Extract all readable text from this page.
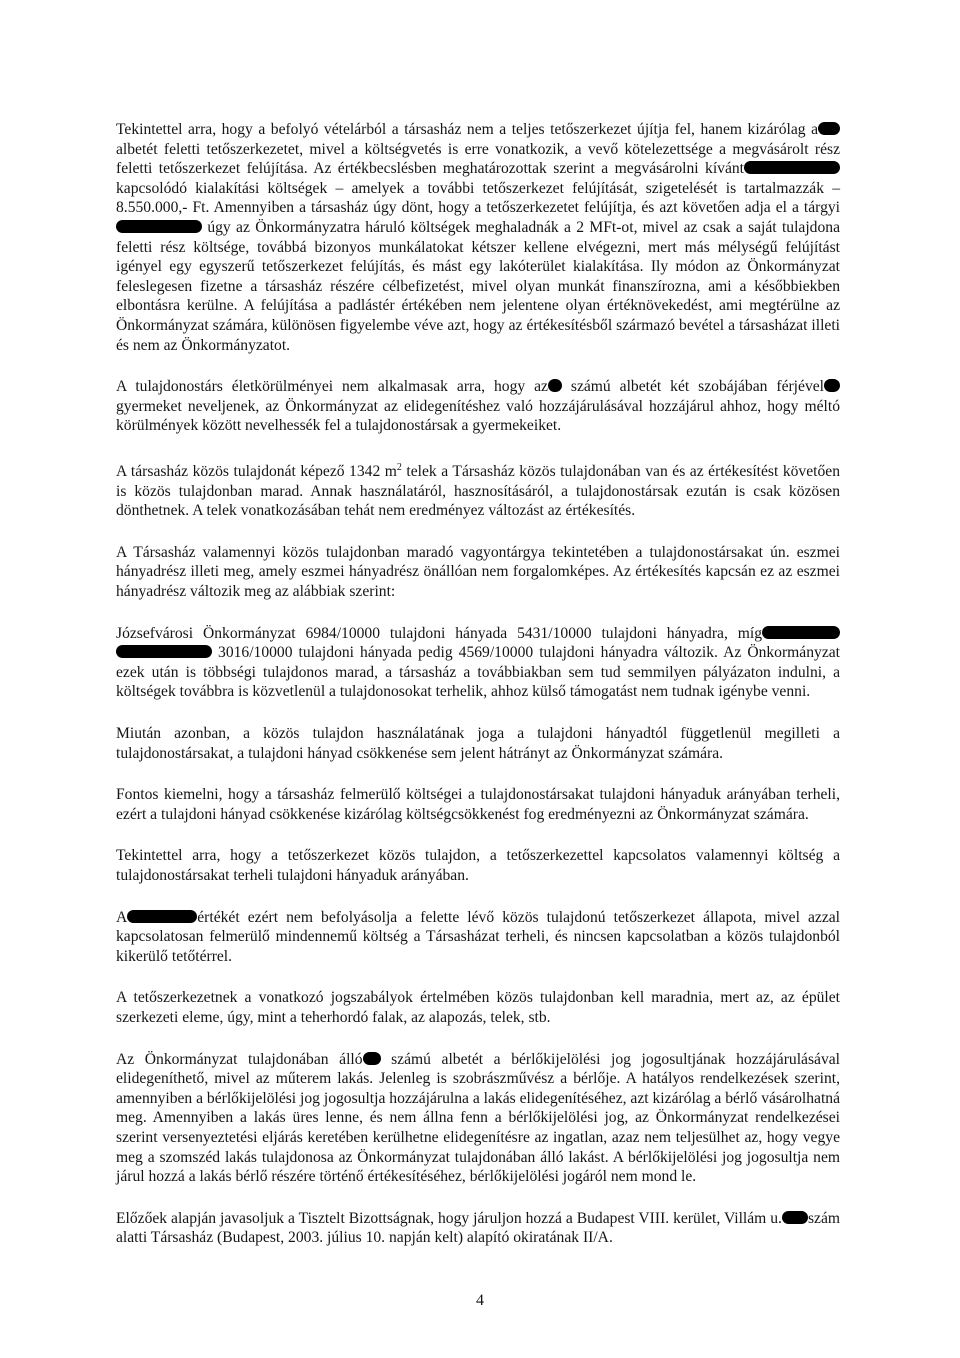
Tekintettel arra, hogy a befolyó vételárból a társasház nem a teljes tetőszerkezet újítja fel, hanem kizárólag a albetét feletti tetőszerkezetet, mivel a költségvetés is erre vonatkozik, a vevő kötelezettsége a megvásárolt rész feletti tetőszerkezet felújítása. Az értékbecslésben meghatározottak szerint a megvásárolni kívánt kapcsolódó kialakítási költségek – amelyek a további tetőszerkezet felújítását, szigetelését is tartalmazzák – 8.550.000,- Ft. Amennyiben a társasház úgy dönt, hogy a tetőszerkezetet felújítja, és azt követően adja el a tárgyi úgy az Önkormányzatra háruló költségek meghaladnák a 2 MFt-ot, mivel az csak a saját tulajdona feletti rész költsége, továbbá bizonyos munkálatokat kétszer kellene elvégezni, mert más mélységű felújítást igényel egy egyszerű tetőszerkezet felújítás, és mást egy lakóterület kialakítása. Ily módon az Önkormányzat feleslegesen fizetne a társasház részére célbefizetést, mivel olyan munkát finanszírozna, ami a későbbiekben elbontásra kerülne. A felújítása a padlástér értékében nem jelentene olyan értéknövekedést, ami megtérülne az Önkormányzat számára, különösen figyelembe véve azt, hogy az értékesítésből származó bevétel a társasházat illeti és nem az Önkormányzatot.

A tulajdonostárs életkörülményei nem alkalmasak arra, hogy az számú albetét két szobájában férjével gyermeket neveljenek, az Önkormányzat az elidegenítéshez való hozzájárulásával hozzájárul ahhoz, hogy méltó körülmények között nevelhessék fel a tulajdonostársak a gyermekeiket.

A társasház közös tulajdonát képező 1342 $m^2$ telek a Társasház közös tulajdonában van és az értékesítést követően is közös tulajdonban marad. Annak használatáról, hasznosításáról, a tulajdonostársak ezután is csak közösen dönthetnek. A telek vonatkozásában tehát nem eredményez változást az értékesítés.

A Társasház valamennyi közös tulajdonban maradó vagyontárgya tekintetében a tulajdonostársakat ún. eszmei hányadrész illeti meg, amely eszmei hányadrész önállóan nem forgalomképes. Az értékesítés kapcsán ez az eszmei hányadrész változik meg az alábbiak szerint:

Józsefvárosi Önkormányzat 6984/10000 tulajdoni hányada 5431/10000 tulajdoni hányadra, míg  3016/10000 tulajdoni hányada pedig 4569/10000 tulajdoni hányadra változik. Az Önkormányzat ezek után is többségi tulajdonos marad, a társasház a továbbiakban sem tud semmilyen pályázaton indulni, a költségek továbbra is közvetlenül a tulajdonosokat terhelik, ahhoz külső támogatást nem tudnak igénybe venni.

Miután azonban, a közös tulajdon használatának joga a tulajdoni hányadtól függetlenül megilleti a tulajdonostársakat, a tulajdoni hányad csökkenése sem jelent hátrányt az Önkormányzat számára.

Fontos kiemelni, hogy a társasház felmerülő költségei a tulajdonostársakat tulajdoni hányaduk arányában terheli, ezért a tulajdoni hányad csökkenése kizárólag költségcsökkenést fog eredményezni az Önkormányzat számára.

Tekintettel arra, hogy a tetőszerkezet közös tulajdon, a tetőszerkezettel kapcsolatos valamennyi költség a tulajdonostársakat terheli tulajdoni hányaduk arányában.

A	értékét ezért nem befolyásolja a felette lévő közös tulajdonú tetőszerkezet állapota, mivel azzal kapcsolatosan felmerülő mindennemű költség a Társasházat terheli, és nincsen kapcsolatban a közös tulajdonból kikerülő tetőtérrel.

A tetőszerkezetnek a vonatkozó jogszabályok értelmében közös tulajdonban kell maradnia, mert az, az épület szerkezeti eleme, úgy, mint a teherhordó falak, az alapozás, telek, stb.

Az Önkormányzat tulajdonában álló számú albetét a bérlőkijelölési jog jogosultjának hozzájárulásával elidegeníthető, mivel az műterem lakás. Jelenleg is szobrászművész a bérlője. A hatályos rendelkezések szerint, amennyiben a bérlőkijelölési jog jogosultja hozzájárulna a lakás elidegenítéséhez, azt kizárólag a bérlő vásárolhatná meg. Amennyiben a lakás üres lenne, és nem állna fenn a bérlőkijelölési jog, az Önkormányzat rendelkezései szerint versenyeztetési eljárás keretében kerülhetne elidegenítésre az ingatlan, azaz nem teljesülhet az, hogy vegye meg a szomszéd lakás tulajdonosa az Önkormányzat tulajdonában álló lakást. A bérlőkijelölési jog jogosultja nem járul hozzá a lakás bérlő részére történő értékesítéséhez, bérlőkijelölési jogáról nem mond le.

Előzőek alapján javasoljuk a Tisztelt Bizottságnak, hogy járuljon hozzá a Budapest VIII. kerület, Villám u. szám alatti Társasház (Budapest, 2003. július 10. napján kelt) alapító okiratának II/A.

4
